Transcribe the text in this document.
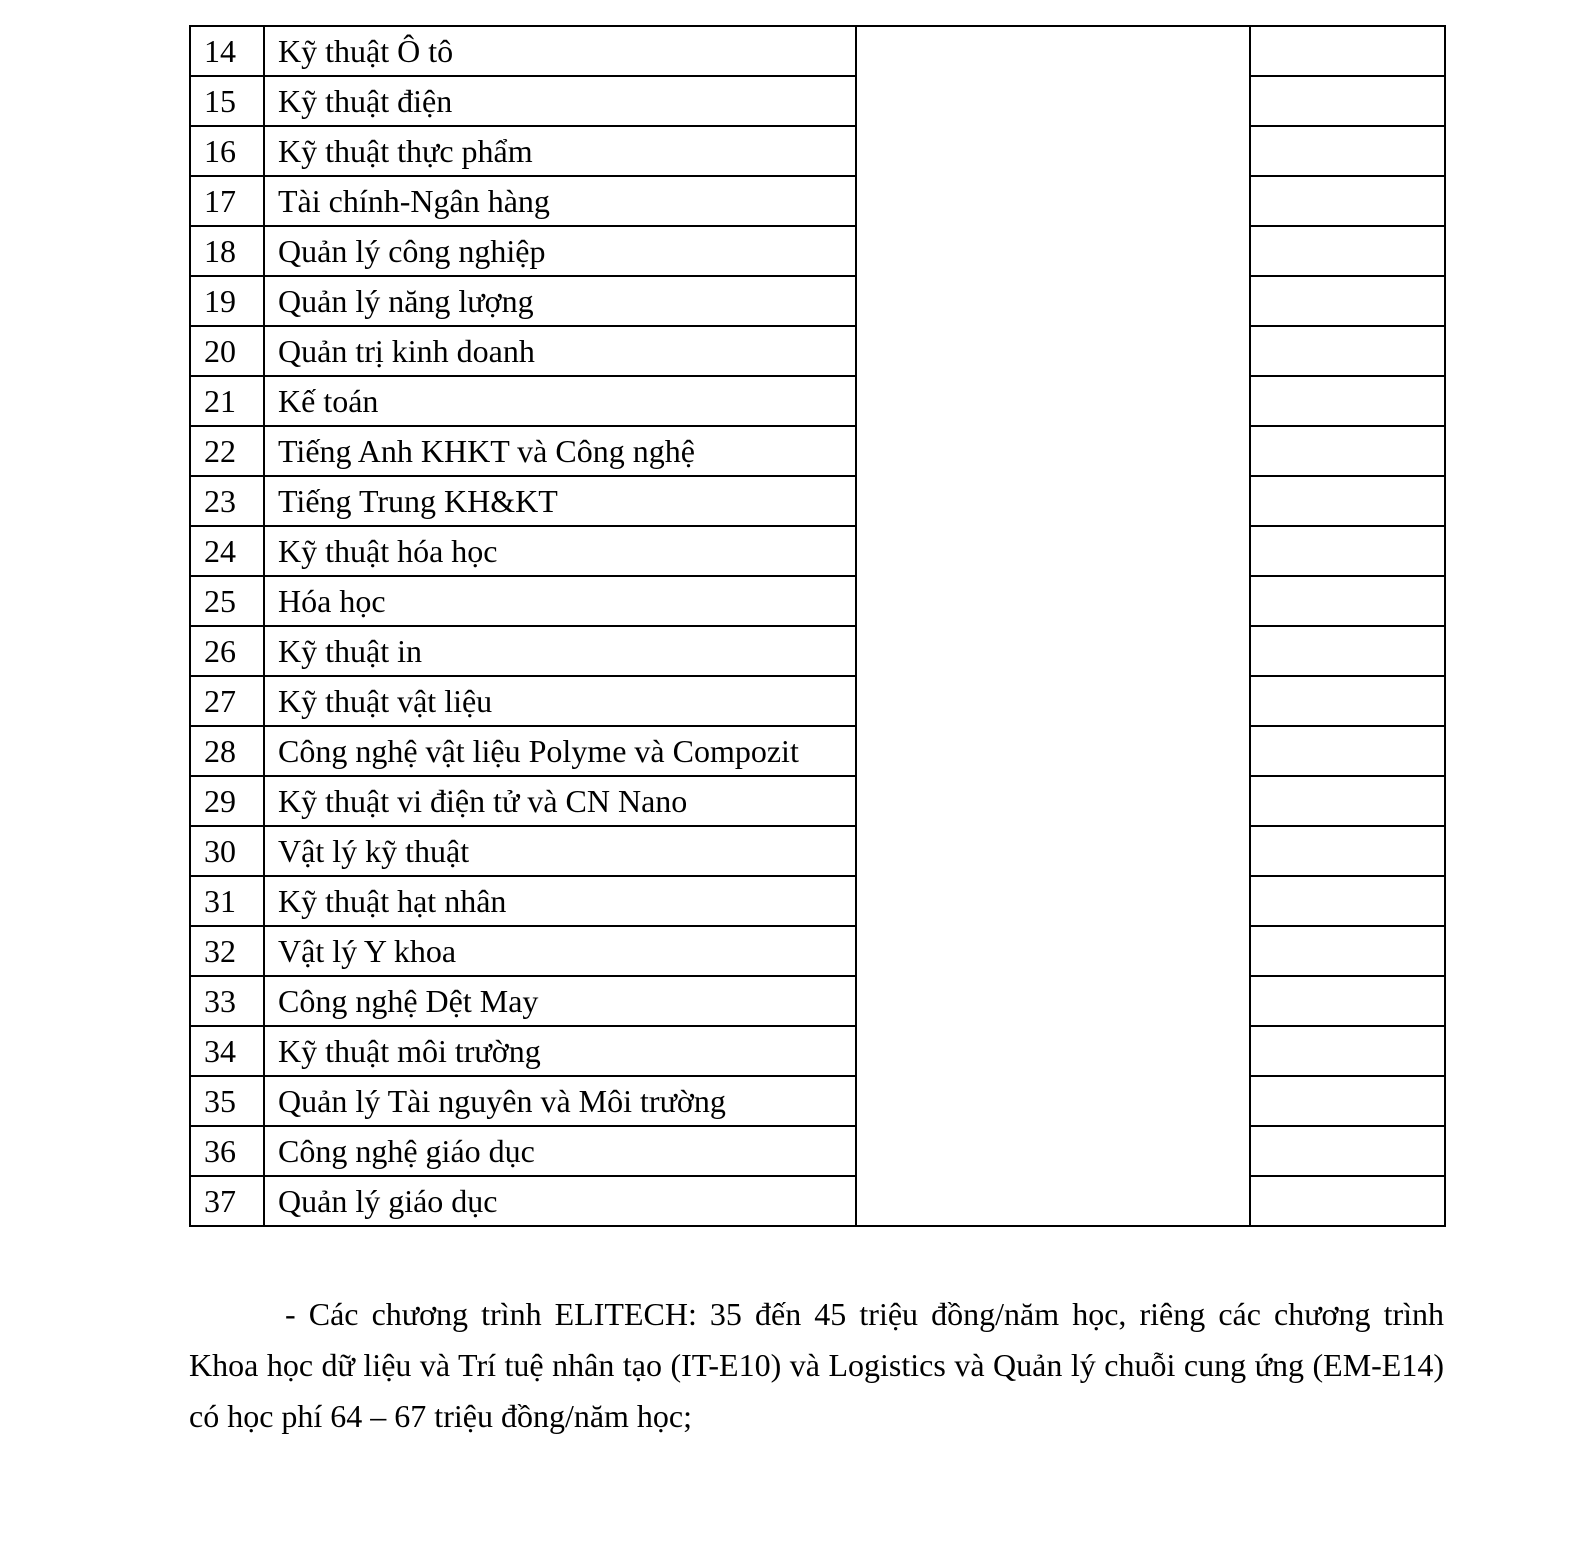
14	Kỹ thuật Ô tô		
15	Kỹ thuật điện		
16	Kỹ thuật thực phẩm		
17	Tài chính-Ngân hàng		
18	Quản lý công nghiệp		
19	Quản lý năng lượng		
20	Quản trị kinh doanh		
21	Kế toán		
22	Tiếng Anh KHKT và Công nghệ		
23	Tiếng Trung KH&KT		
24	Kỹ thuật hóa học		
25	Hóa học		
26	Kỹ thuật in		
27	Kỹ thuật vật liệu		
28	Công nghệ vật liệu Polyme và Compozit		
29	Kỹ thuật vi điện tử và CN Nano		
30	Vật lý kỹ thuật		
31	Kỹ thuật hạt nhân		
32	Vật lý Y khoa		
33	Công nghệ Dệt May		
34	Kỹ thuật môi trường		
35	Quản lý Tài nguyên và Môi trường		
36	Công nghệ giáo dục		
37	Quản lý giáo dục		

- Các chương trình ELITECH: 35 đến 45 triệu đồng/năm học, riêng các chương trình Khoa học dữ liệu và Trí tuệ nhân tạo (IT-E10) và Logistics và Quản lý chuỗi cung ứng (EM-E14) có học phí 64 – 67 triệu đồng/năm học;
